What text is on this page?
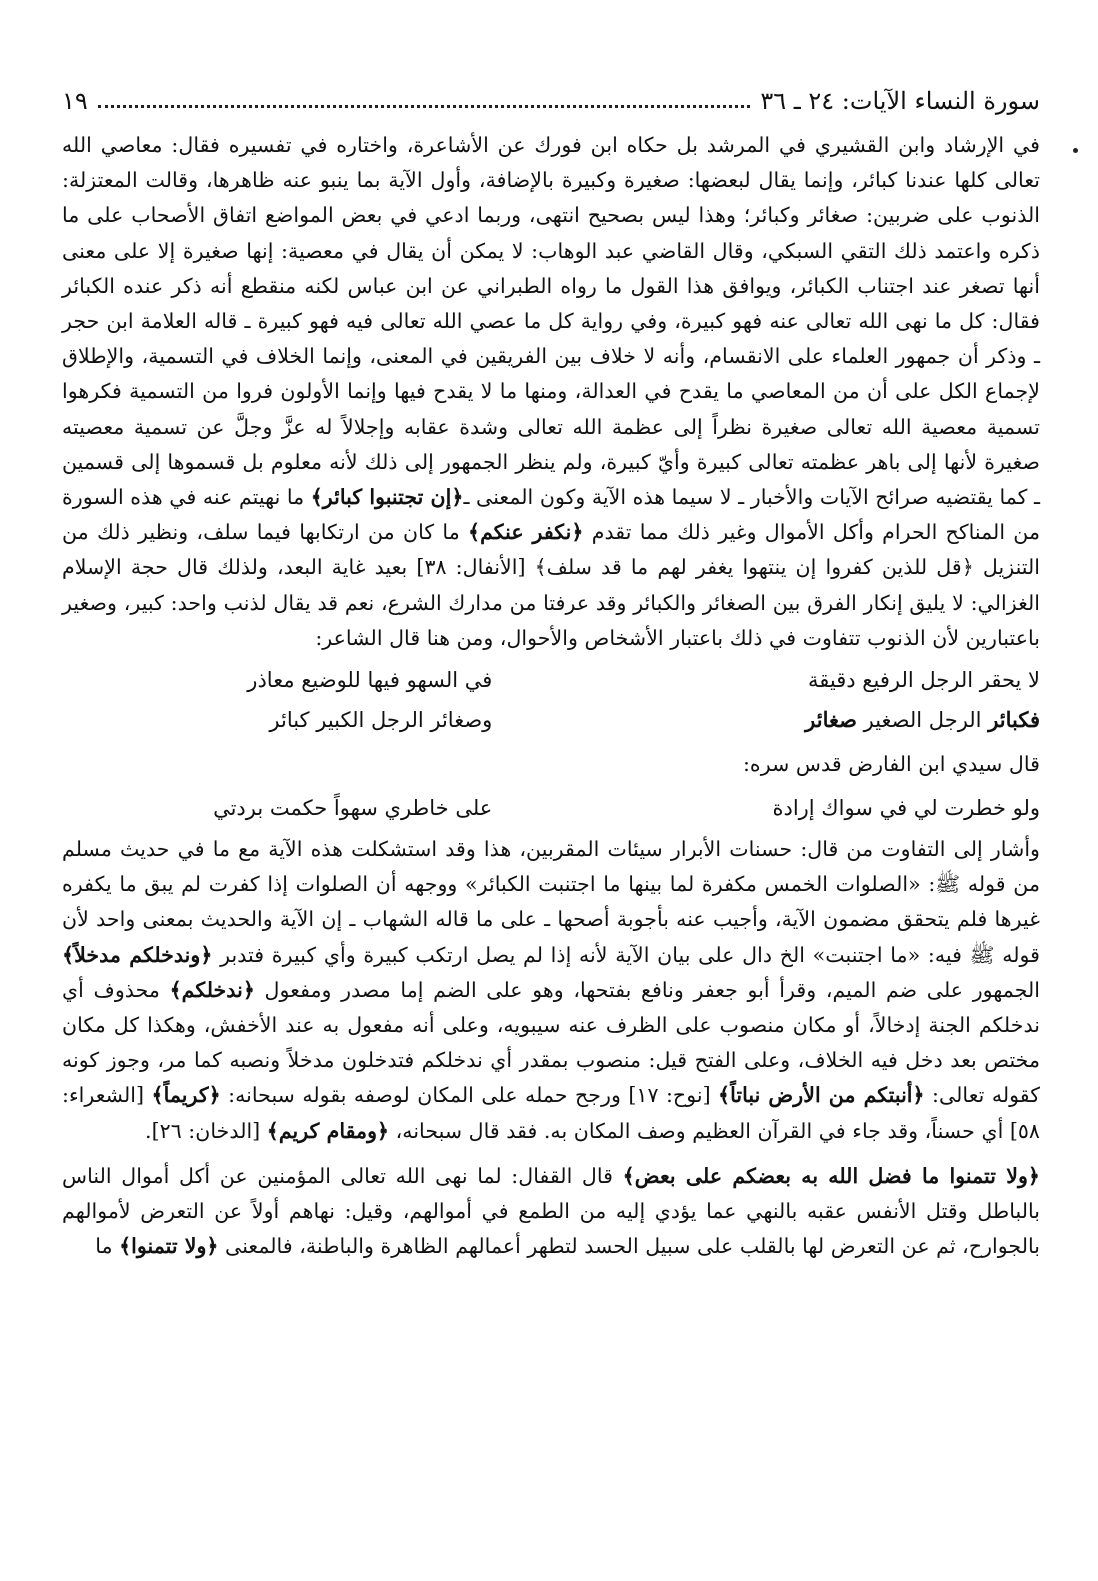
سورة النساء الآيات: ٢٤ ـ ٣٦
١٩

في الإرشاد وابن القشيري في المرشد بل حكاه ابن فورك عن الأشاعرة، واختاره في تفسيره فقال: معاصي الله تعالى كلها عندنا كبائر، وإنما يقال لبعضها: صغيرة وكبيرة بالإضافة، وأول الآية بما ينبو عنه ظاهرها، وقالت المعتزلة: الذنوب على ضربين: صغائر وكبائر؛ وهذا ليس بصحيح انتهى، وربما ادعي في بعض المواضع اتفاق الأصحاب على ما ذكره واعتمد ذلك التقي السبكي، وقال القاضي عبد الوهاب: لا يمكن أن يقال في معصية: إنها صغيرة إلا على معنى أنها تصغر عند اجتناب الكبائر، ويوافق هذا القول ما رواه الطبراني عن ابن عباس لكنه منقطع أنه ذكر عنده الكبائر فقال: كل ما نهى الله تعالى عنه فهو كبيرة، وفي رواية كل ما عصي الله تعالى فيه فهو كبيرة ـ قاله العلامة ابن حجر ـ وذكر أن جمهور العلماء على الانقسام، وأنه لا خلاف بين الفريقين في المعنى، وإنما الخلاف في التسمية، والإطلاق لإجماع الكل على أن من المعاصي ما يقدح في العدالة، ومنها ما لا يقدح فيها وإنما الأولون فروا من التسمية فكرهوا تسمية معصية الله تعالى صغيرة نظراً إلى عظمة الله تعالى وشدة عقابه وإجلالاً له عزَّ وجلَّ عن تسمية معصيته صغيرة لأنها إلى باهر عظمته تعالى كبيرة وأيّ كبيرة، ولم ينظر الجمهور إلى ذلك لأنه معلوم بل قسموها إلى قسمين ـ كما يقتضيه صرائح الآيات والأخبار ـ لا سيما هذه الآية وكون المعنى ـ﴿إن تجتنبوا كبائر﴾ ما نهيتم عنه في هذه السورة من المناكح الحرام وأكل الأموال وغير ذلك مما تقدم ﴿نكفر عنكم﴾ ما كان من ارتكابها فيما سلف، ونظير ذلك من التنزيل ﴿قل للذين كفروا إن ينتهوا يغفر لهم ما قد سلف﴾ [الأنفال: ٣٨] بعيد غاية البعد، ولذلك قال حجة الإسلام الغزالي: لا يليق إنكار الفرق بين الصغائر والكبائر وقد عرفتا من مدارك الشرع، نعم قد يقال لذنب واحد: كبير، وصغير باعتبارين لأن الذنوب تتفاوت في ذلك باعتبار الأشخاص والأحوال، ومن هنا قال الشاعر:

لا يحقر الرجل الرفيع دقيقة
في السهو فيها للوضيع معاذر
فكبائر الرجل الصغير صغائر
وصغائر الرجل الكبير كبائر
قال سيدي ابن الفارض قدس سره:
ولو خطرت لي في سواك إرادة
على خاطري سهواً حكمت بردتي

وأشار إلى التفاوت من قال: حسنات الأبرار سيئات المقربين، هذا وقد استشكلت هذه الآية مع ما في حديث مسلم من قوله ﷺ: «الصلوات الخمس مكفرة لما بينها ما اجتنبت الكبائر» ووجهه أن الصلوات إذا كفرت لم يبق ما يكفره غيرها فلم يتحقق مضمون الآية، وأجيب عنه بأجوبة أصحها ـ على ما قاله الشهاب ـ إن الآية والحديث بمعنى واحد لأن قوله ﷺ فيه: «ما اجتنبت» الخ دال على بيان الآية لأنه إذا لم يصل ارتكب كبيرة وأي كبيرة فتدبر ﴿وندخلكم مدخلاً﴾ الجمهور على ضم الميم، وقرأ أبو جعفر ونافع بفتحها، وهو على الضم إما مصدر ومفعول ﴿ندخلكم﴾ محذوف أي ندخلكم الجنة إدخالاً، أو مكان منصوب على الظرف عنه سيبويه، وعلى أنه مفعول به عند الأخفش، وهكذا كل مكان مختص بعد دخل فيه الخلاف، وعلى الفتح قيل: منصوب بمقدر أي ندخلكم فتدخلون مدخلاً ونصبه كما مر، وجوز كونه كقوله تعالى: ﴿أنبتكم من الأرض نباتاً﴾ [نوح: ١٧] ورجح حمله على المكان لوصفه بقوله سبحانه: ﴿كريماً﴾ [الشعراء: ٥٨] أي حسناً، وقد جاء في القرآن العظيم وصف المكان به. فقد قال سبحانه، ﴿ومقام كريم﴾ [الدخان: ٢٦].

﴿ولا تتمنوا ما فضل الله به بعضكم على بعض﴾ قال القفال: لما نهى الله تعالى المؤمنين عن أكل أموال الناس بالباطل وقتل الأنفس عقبه بالنهي عما يؤدي إليه من الطمع في أموالهم، وقيل: نهاهم أولاً عن التعرض لأموالهم بالجوارح، ثم عن التعرض لها بالقلب على سبيل الحسد لتطهر أعمالهم الظاهرة والباطنة، فالمعنى ﴿ولا تتمنوا﴾ ما
